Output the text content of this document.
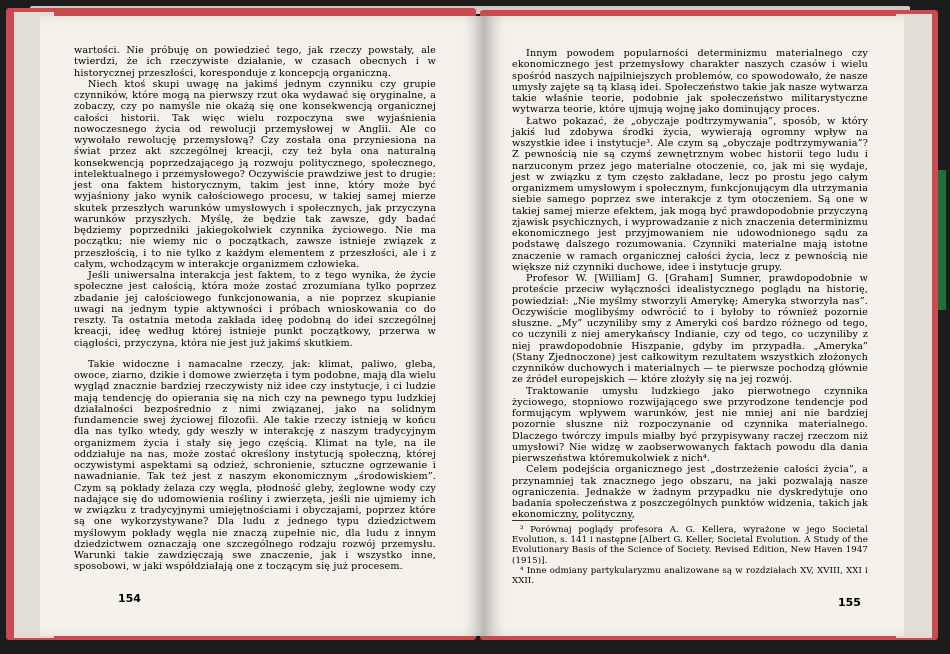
wartości. Nie próbuję on powiedzieć tego, jak rzeczy powstały, ale twierdzi, że ich rzeczywiste działanie, w czasach obecnych i w historycznej przeszłości, koresponduje z koncepcją organiczną.

Niech ktoś skupi uwagę na jakimś jednym czynniku czy grupie czynników, które mogą na pierwszy rzut oka wydawać się oryginalne, a zobaczy, czy po namyśle nie okażą się one konsekwencją organicznej całości historii. Tak więc wielu rozpoczyna swe wyjaśnienia nowoczesnego życia od rewolucji przemysłowej w Anglii. Ale co wywołało rewolucję przemysłową? Czy została ona przyniesiona na świat przez akt szczególnej kreacji, czy też była ona naturalną konsekwencją poprzedzającego ją rozwoju politycznego, społecznego, intelektualnego i przemysłowego? Oczywiście prawdziwe jest to drugie: jest ona faktem historycznym, takim jest inne, który może być wyjaśniony jako wynik całościowego procesu, w takiej samej mierze skutek przeszłych warunków umysłowych i społecznych, jak przyczyna warunków przyszłych. Myślę, że będzie tak zawsze, gdy badać będziemy poprzedniki jakiegokolwiek czynnika życiowego. Nie ma początku; nie wiemy nic o początkach, zawsze istnieje związek z przeszłością, i to nie tylko z każdym elementem z przeszłości, ale i z całym, wchodzącym w interakcje organizmem człowieka.

Jeśli uniwersalna interakcja jest faktem, to z tego wynika, że życie społeczne jest całością, która może zostać zrozumiana tylko poprzez zbadanie jej całościowego funkcjonowania, a nie poprzez skupianie uwagi na jednym typie aktywności i próbach wnioskowania co do reszty. Ta ostatnia metoda zakłada ideę podobną do idei szczególnej kreacji, ideę według której istnieje punkt początkowy, przerwa w ciągłości, przyczyna, która nie jest już jakimś skutkiem.

Takie widoczne i namacalne rzeczy, jak: klimat, paliwo, gleba, owoce, ziarno, dzikie i domowe zwierzęta i tym podobne, mają dla wielu wygląd znacznie bardziej rzeczywisty niż idee czy instytucje, i ci ludzie mają tendencję do opierania się na nich czy na pewnego typu ludzkiej działalności bezpośrednio z nimi związanej, jako na solidnym fundamencie swej życiowej filozofii. Ale takie rzeczy istnieją w końcu dla nas tylko wtedy, gdy weszły w interakcję z naszym tradycyjnym organizmem życia i stały się jego częścią. Klimat na tyle, na ile oddziałuje na nas, może zostać określony instytucją społeczną, której oczywistymi aspektami są odzież, schronienie, sztuczne ogrzewanie i nawadnianie. Tak też jest z naszym ekonomicznym „środowiskiem”. Czym są pokłady żelaza czy węgla, płodność gleby, żeglowne wody czy nadające się do udomowienia rośliny i zwierzęta, jeśli nie ujmiemy ich w związku z tradycyjnymi umiejętnościami i obyczajami, poprzez które są one wykorzystywane? Dla ludu z jednego typu dziedzictwem myślowym pokłady węgla nie znaczą zupełnie nic, dla ludu z innym dziedzictwem oznaczają one szczególnego rodzaju rozwój przemysłu. Warunki takie zawdzięczają swe znaczenie, jak i wszystko inne, sposobowi, w jaki współdziałają one z toczącym się już procesem.

154

Innym powodem popularności determinizmu materialnego czy ekonomicznego jest przemysłowy charakter naszych czasów i wielu spośród naszych najpilniejszych problemów, co spowodowało, że nasze umysły zajęte są tą klasą idei. Społeczeństwo takie jak nasze wytwarza takie właśnie teorie, podobnie jak społeczeństwo militarystyczne wytwarza teorie, które ujmują wojnę jako dominujący proces.

Łatwo pokazać, że „obyczaje podtrzymywania”, sposób, w który jakiś lud zdobywa środki życia, wywierają ogromny wpływ na wszystkie idee i instytucje³. Ale czym są „obyczaje podtrzymywania”? Z pewnością nie są czymś zewnętrznym wobec historii tego ludu i narzuconym przez jego materialne otoczenie, co, jak mi się wydaje, jest w związku z tym często zakładane, lecz po prostu jego całym organizmem umysłowym i społecznym, funkcjonującym dla utrzymania siebie samego poprzez swe interakcje z tym otoczeniem. Są one w takiej samej mierze efektem, jak mogą być prawdopodobnie przyczyną zjawisk psychicznych, i wyprowadzanie z nich znaczenia determinizmu ekonomicznego jest przyjmowaniem nie udowodnionego sądu za podstawę dalszego rozumowania. Czynniki materialne mają istotne znaczenie w ramach organicznej całości życia, lecz z pewnością nie większe niż czynniki duchowe, idee i instytucje grupy.

Profesor W. [William] G. [Graham] Sumner, prawdopodobnie w proteście przeciw wyłączności idealistycznego poglądu na historię, powiedział: „Nie myślmy stworzyli Amerykę; Ameryka stworzyła nas”. Oczywiście moglibyśmy odwrócić to i byłoby to również pozornie słuszne. „My” uczyniliby smy z Ameryki coś bardzo różnego od tego, co uczynili z niej amerykańscy Indianie, czy od tego, co uczyniliby z niej prawdopodobnie Hiszpanie, gdyby im przypadła. „Ameryka” (Stany Zjednoczone) jest całkowitym rezultatem wszystkich złożonych czynników duchowych i materialnych — te pierwsze pochodzą głównie ze źródeł europejskich — które złożyły się na jej rozwój.

Traktowanie umysłu ludzkiego jako pierwotnego czynnika życiowego, stopniowo rozwijającego swe przyrodzone tendencje pod formującym wpływem warunków, jest nie mniej ani nie bardziej pozornie słuszne niż rozpoczynanie od czynnika materialnego. Dlaczego twórczy impuls miałby być przypisywany raczej rzeczom niż umysłowi? Nie widzę w zaobserwowanych faktach powodu dla dania pierwszeństwa któremukolwiek z nich⁴.

Celem podejścia organicznego jest „dostrzeżenie całości życia”, a przynamniej tak znacznego jego obszaru, na jaki pozwalają nasze ograniczenia. Jednakże w żadnym przypadku nie dyskredytuje ono badania społeczeństwa z poszczególnych punktów widzenia, takich jak ekonomiczny, polityczny,

³ Porównaj poglądy profesora A. G. Kellera, wyrażone w jego Societal Evolution, s. 141 i następne [Albert G. Keller, Societal Evolution. A Study of the Evolutionary Basis of the Science of Society. Revised Edition, New Haven 1947 (1915)].

⁴ Inne odmiany partykularyzmu analizowane są w rozdziałach XV, XVIII, XXI i XXII.

155
